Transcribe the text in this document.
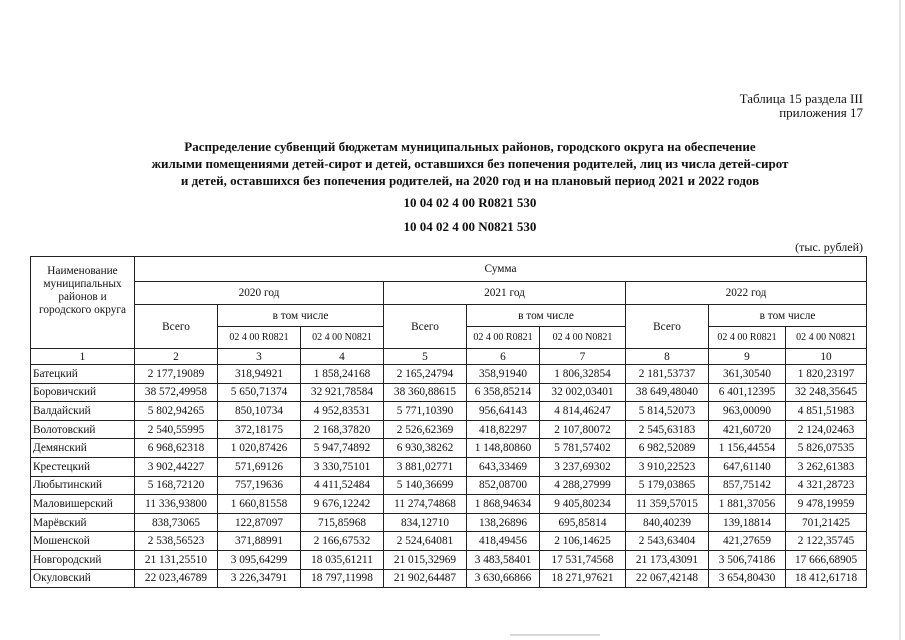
Таблица 15 раздела III
приложения 17
Распределение субвенций бюджетам муниципальных районов, городского округа на обеспечение
жилыми помещениями детей-сирот и детей, оставшихся без попечения родителей, лиц из числа детей-сирот
и детей, оставшихся без попечения родителей, на 2020 год и на плановый период 2021 и 2022 годов
10 04 02 4 00 R0821 530
10 04 02 4 00 N0821 530
(тыс. рублей)
Наименование муниципальных районов и городского округа	Сумма								
	2020 год			2021 год			2022 год		
	Всего	в том числе		Всего	в том числе		Всего	в том числе	
		02 4 00 R0821	02 4 00 N0821		02 4 00 R0821	02 4 00 N0821		02 4 00 R0821	02 4 00 N0821
1	2	3	4	5	6	7	8	9	10
Батецкий	2 177,19089	318,94921	1 858,24168	2 165,24794	358,91940	1 806,32854	2 181,53737	361,30540	1 820,23197
Боровичский	38 572,49958	5 650,71374	32 921,78584	38 360,88615	6 358,85214	32 002,03401	38 649,48040	6 401,12395	32 248,35645
Валдайский	5 802,94265	850,10734	4 952,83531	5 771,10390	956,64143	4 814,46247	5 814,52073	963,00090	4 851,51983
Волотовский	2 540,55995	372,18175	2 168,37820	2 526,62369	418,82297	2 107,80072	2 545,63183	421,60720	2 124,02463
Демянский	6 968,62318	1 020,87426	5 947,74892	6 930,38262	1 148,80860	5 781,57402	6 982,52089	1 156,44554	5 826,07535
Крестецкий	3 902,44227	571,69126	3 330,75101	3 881,02771	643,33469	3 237,69302	3 910,22523	647,61140	3 262,61383
Любытинский	5 168,72120	757,19636	4 411,52484	5 140,36699	852,08700	4 288,27999	5 179,03865	857,75142	4 321,28723
Маловишерский	11 336,93800	1 660,81558	9 676,12242	11 274,74868	1 868,94634	9 405,80234	11 359,57015	1 881,37056	9 478,19959
Марёвский	838,73065	122,87097	715,85968	834,12710	138,26896	695,85814	840,40239	139,18814	701,21425
Мошенской	2 538,56523	371,88991	2 166,67532	2 524,64081	418,49456	2 106,14625	2 543,63404	421,27659	2 122,35745
Новгородский	21 131,25510	3 095,64299	18 035,61211	21 015,32969	3 483,58401	17 531,74568	21 173,43091	3 506,74186	17 666,68905
Окуловский	22 023,46789	3 226,34791	18 797,11998	21 902,64487	3 630,66866	18 271,97621	22 067,42148	3 654,80430	18 412,61718
